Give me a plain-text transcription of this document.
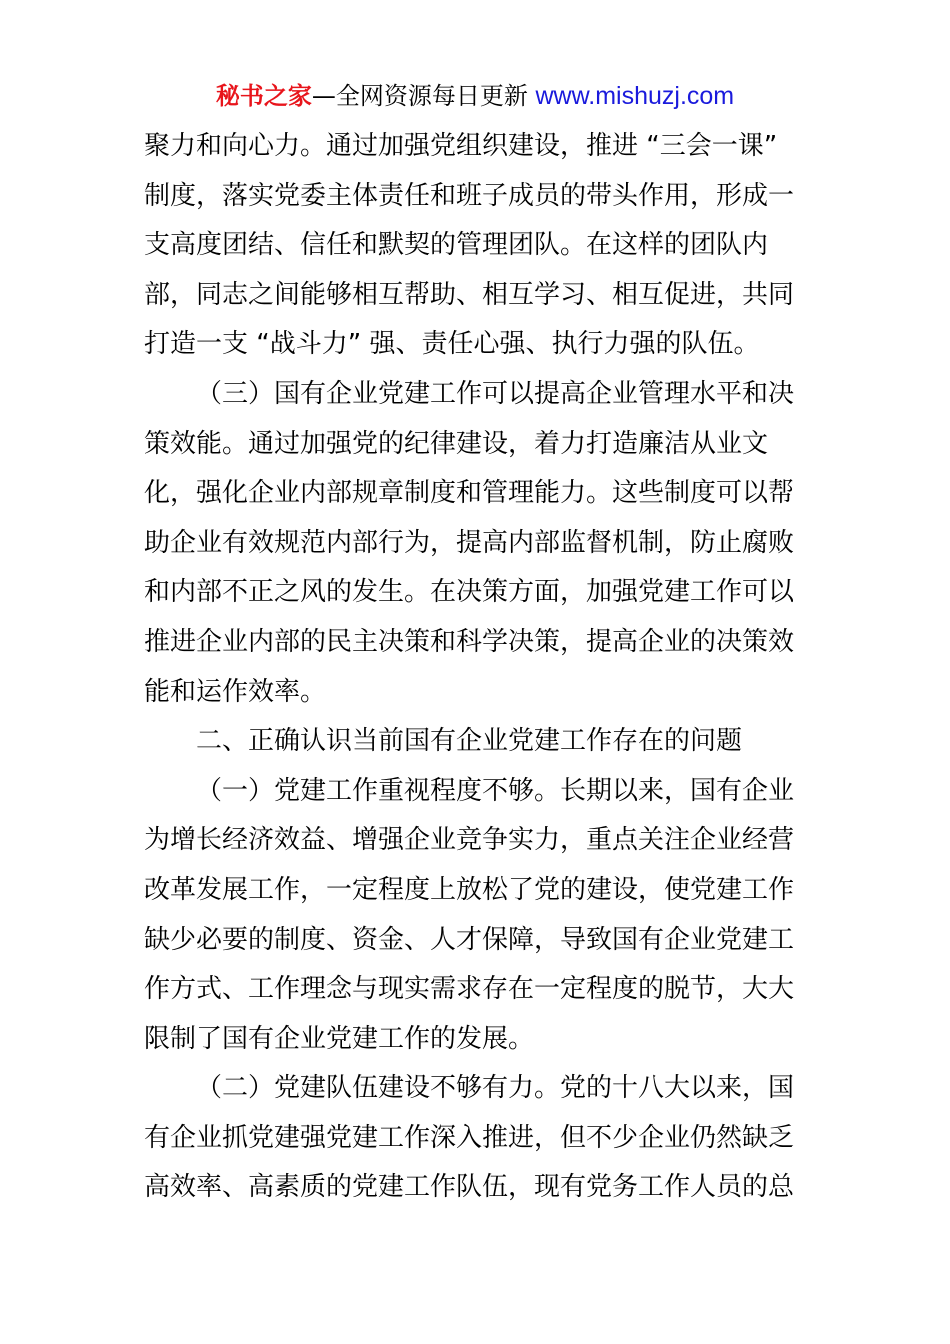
秘书之家—全网资源每日更新 www.mishuzj.com
聚力和向心力。通过加强党组织建设，推进 “三会一课”
制度，落实党委主体责任和班子成员的带头作用，形成一
支高度团结、信任和默契的管理团队。在这样的团队内
部，同志之间能够相互帮助、相互学习、相互促进，共同
打造一支 “战斗力” 强、责任心强、执行力强的队伍。
（三）国有企业党建工作可以提高企业管理水平和决
策效能。通过加强党的纪律建设，着力打造廉洁从业文
化，强化企业内部规章制度和管理能力。这些制度可以帮
助企业有效规范内部行为，提高内部监督机制，防止腐败
和内部不正之风的发生。在决策方面，加强党建工作可以
推进企业内部的民主决策和科学决策，提高企业的决策效
能和运作效率。
二、正确认识当前国有企业党建工作存在的问题
（一）党建工作重视程度不够。长期以来，国有企业
为增长经济效益、增强企业竞争实力，重点关注企业经营
改革发展工作，一定程度上放松了党的建设，使党建工作
缺少必要的制度、资金、人才保障，导致国有企业党建工
作方式、工作理念与现实需求存在一定程度的脱节，大大
限制了国有企业党建工作的发展。
（二）党建队伍建设不够有力。党的十八大以来，国
有企业抓党建强党建工作深入推进，但不少企业仍然缺乏
高效率、高素质的党建工作队伍，现有党务工作人员的总
